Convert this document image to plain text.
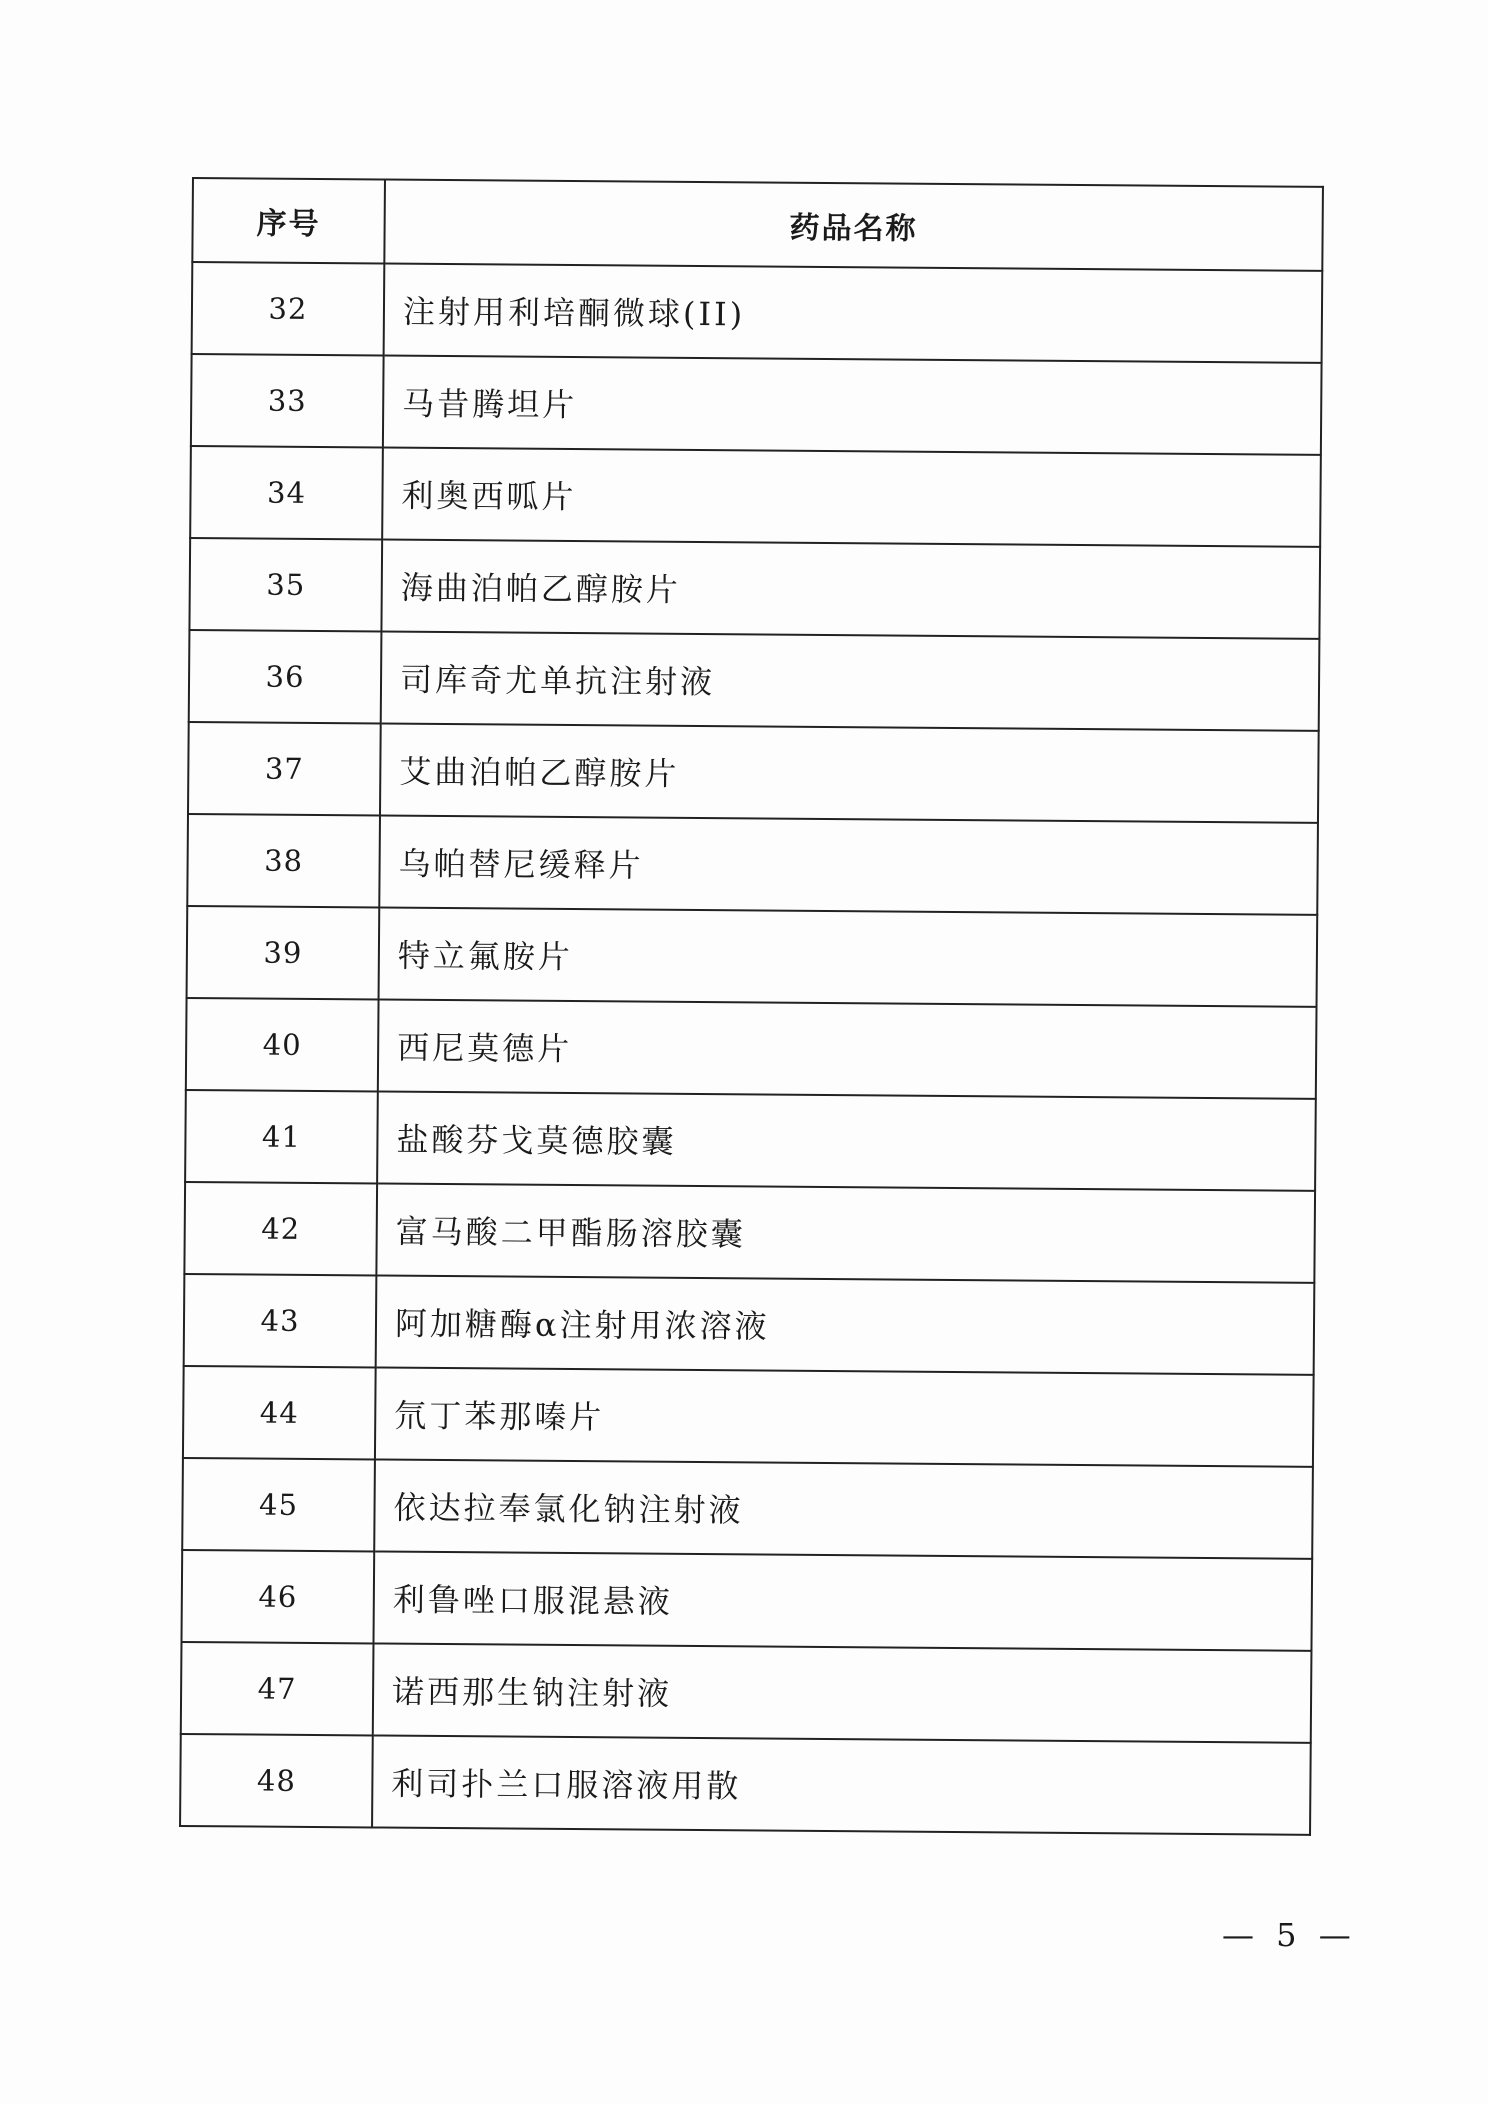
序号	药品名称
32	注射用利培酮微球(II)
33	马昔腾坦片
34	利奥西呱片
35	海曲泊帕乙醇胺片
36	司库奇尤单抗注射液
37	艾曲泊帕乙醇胺片
38	乌帕替尼缓释片
39	特立氟胺片
40	西尼莫德片
41	盐酸芬戈莫德胶囊
42	富马酸二甲酯肠溶胶囊
43	阿加糖酶α注射用浓溶液
44	氘丁苯那嗪片
45	依达拉奉氯化钠注射液
46	利鲁唑口服混悬液
47	诺西那生钠注射液
48	利司扑兰口服溶液用散
— 5 —
